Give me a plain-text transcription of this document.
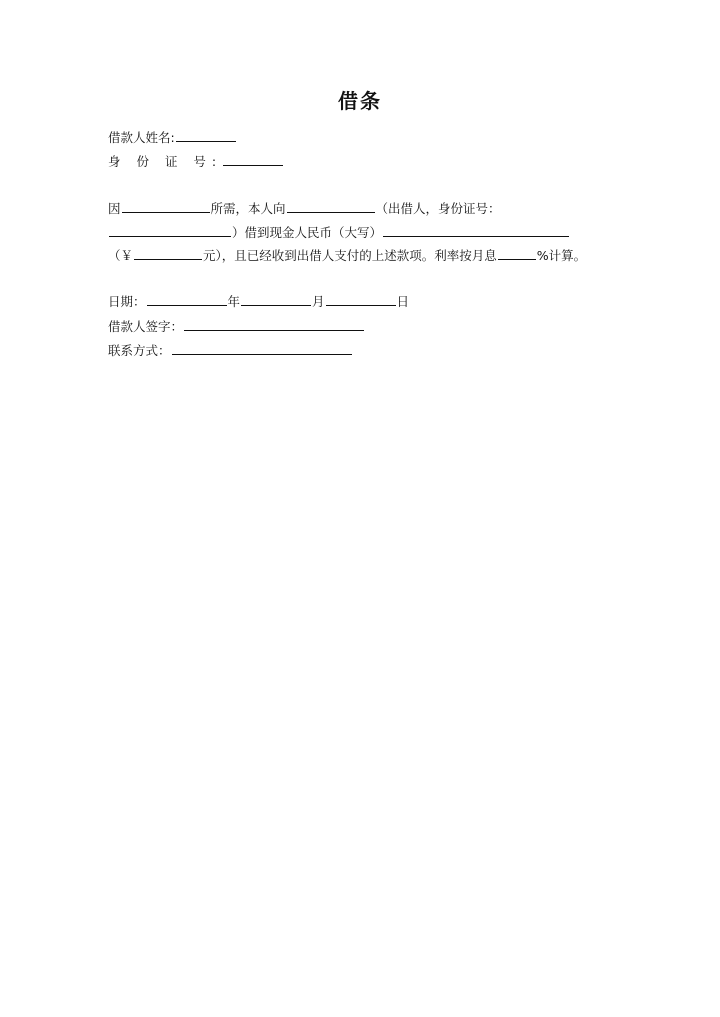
借条
借款人姓名:
身 份 证 号:
因	所需，本人向	（出借人，身份证号：
）借到现金人民币（大写）
（￥	元），且已经收到出借人支付的上述款项。利率按月息	%计算。
日期：	年	月	日
借款人签字：
联系方式：
